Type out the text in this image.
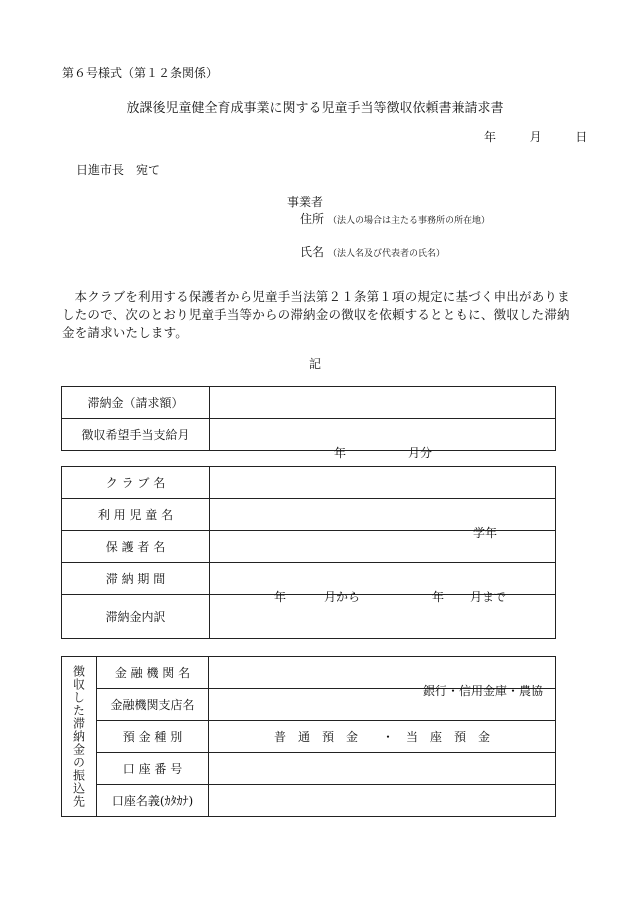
第６号様式（第１２条関係）
放課後児童健全育成事業に関する児童手当等徴収依頼書兼請求書
年	月	日
日進市長　宛て
事業者
住所 （法人の場合は主たる事務所の所在地）
氏名 （法人名及び代表者の氏名）
本クラブを利用する保護者から児童手当法第２１条第１項の規定に基づく申出がありましたので、次のとおり児童手当等からの滞納金の徴収を依頼するとともに、徴収した滞納金を請求いたします。
記
滞納金（請求額）	
徴収希望手当支給月	年 月分
ク ラ ブ 名	
利 用 児 童 名	学年

保 護 者 名	
滞 納 期 間	年 月から 年 月まで

滞納金内訳	
徴収した滞納金の振込先	金 融 機 関 名	銀行・信用金庫・農協

	金融機関支店名	
	預 金 種 別	普　通　預　金　　・　当　座　預　金
	口 座 番 号	
	口座名義(ｶﾀｶﾅ)	
